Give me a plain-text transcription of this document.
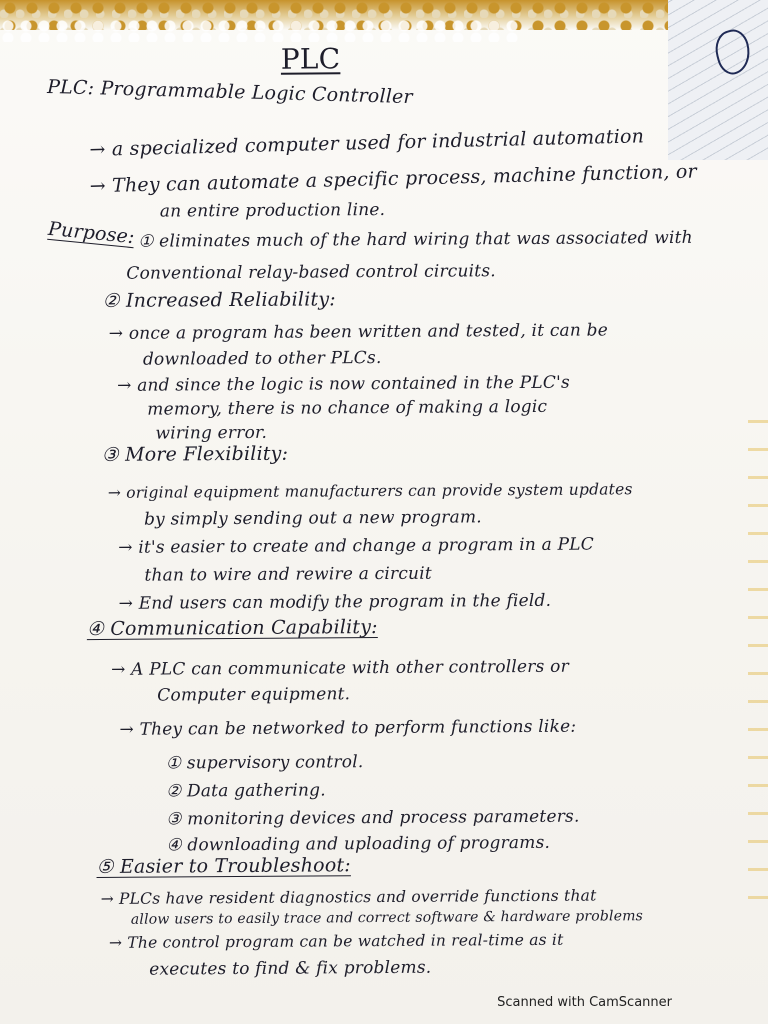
PLC
PLC: Programmable Logic Controller
→ a specialized computer used for industrial automation
→ They can automate a specific process, machine function, or
an entire production line.
Purpose: ① eliminates much of the hard wiring that was associated with
Conventional relay-based control circuits.
② Increased Reliability:
→ once a program has been written and tested, it can be
downloaded to other PLCs.
→ and since the logic is now contained in the PLC's
memory, there is no chance of making a logic
wiring error.
③ More Flexibility:
→ original equipment manufacturers can provide system updates
by simply sending out a new program.
→ it's easier to create and change a program in a PLC
than to wire and rewire a circuit
→ End users can modify the program in the field.
④ Communication Capability:
→ A PLC can communicate with other controllers or
Computer equipment.
→ They can be networked to perform functions like:
① supervisory control.
② Data gathering.
③ monitoring devices and process parameters.
④ downloading and uploading of programs.
⑤ Easier to Troubleshoot:
→ PLCs have resident diagnostics and override functions that
allow users to easily trace and correct software & hardware problems
→ The control program can be watched in real-time as it
executes to find & fix problems.
Scanned with CamScanner
